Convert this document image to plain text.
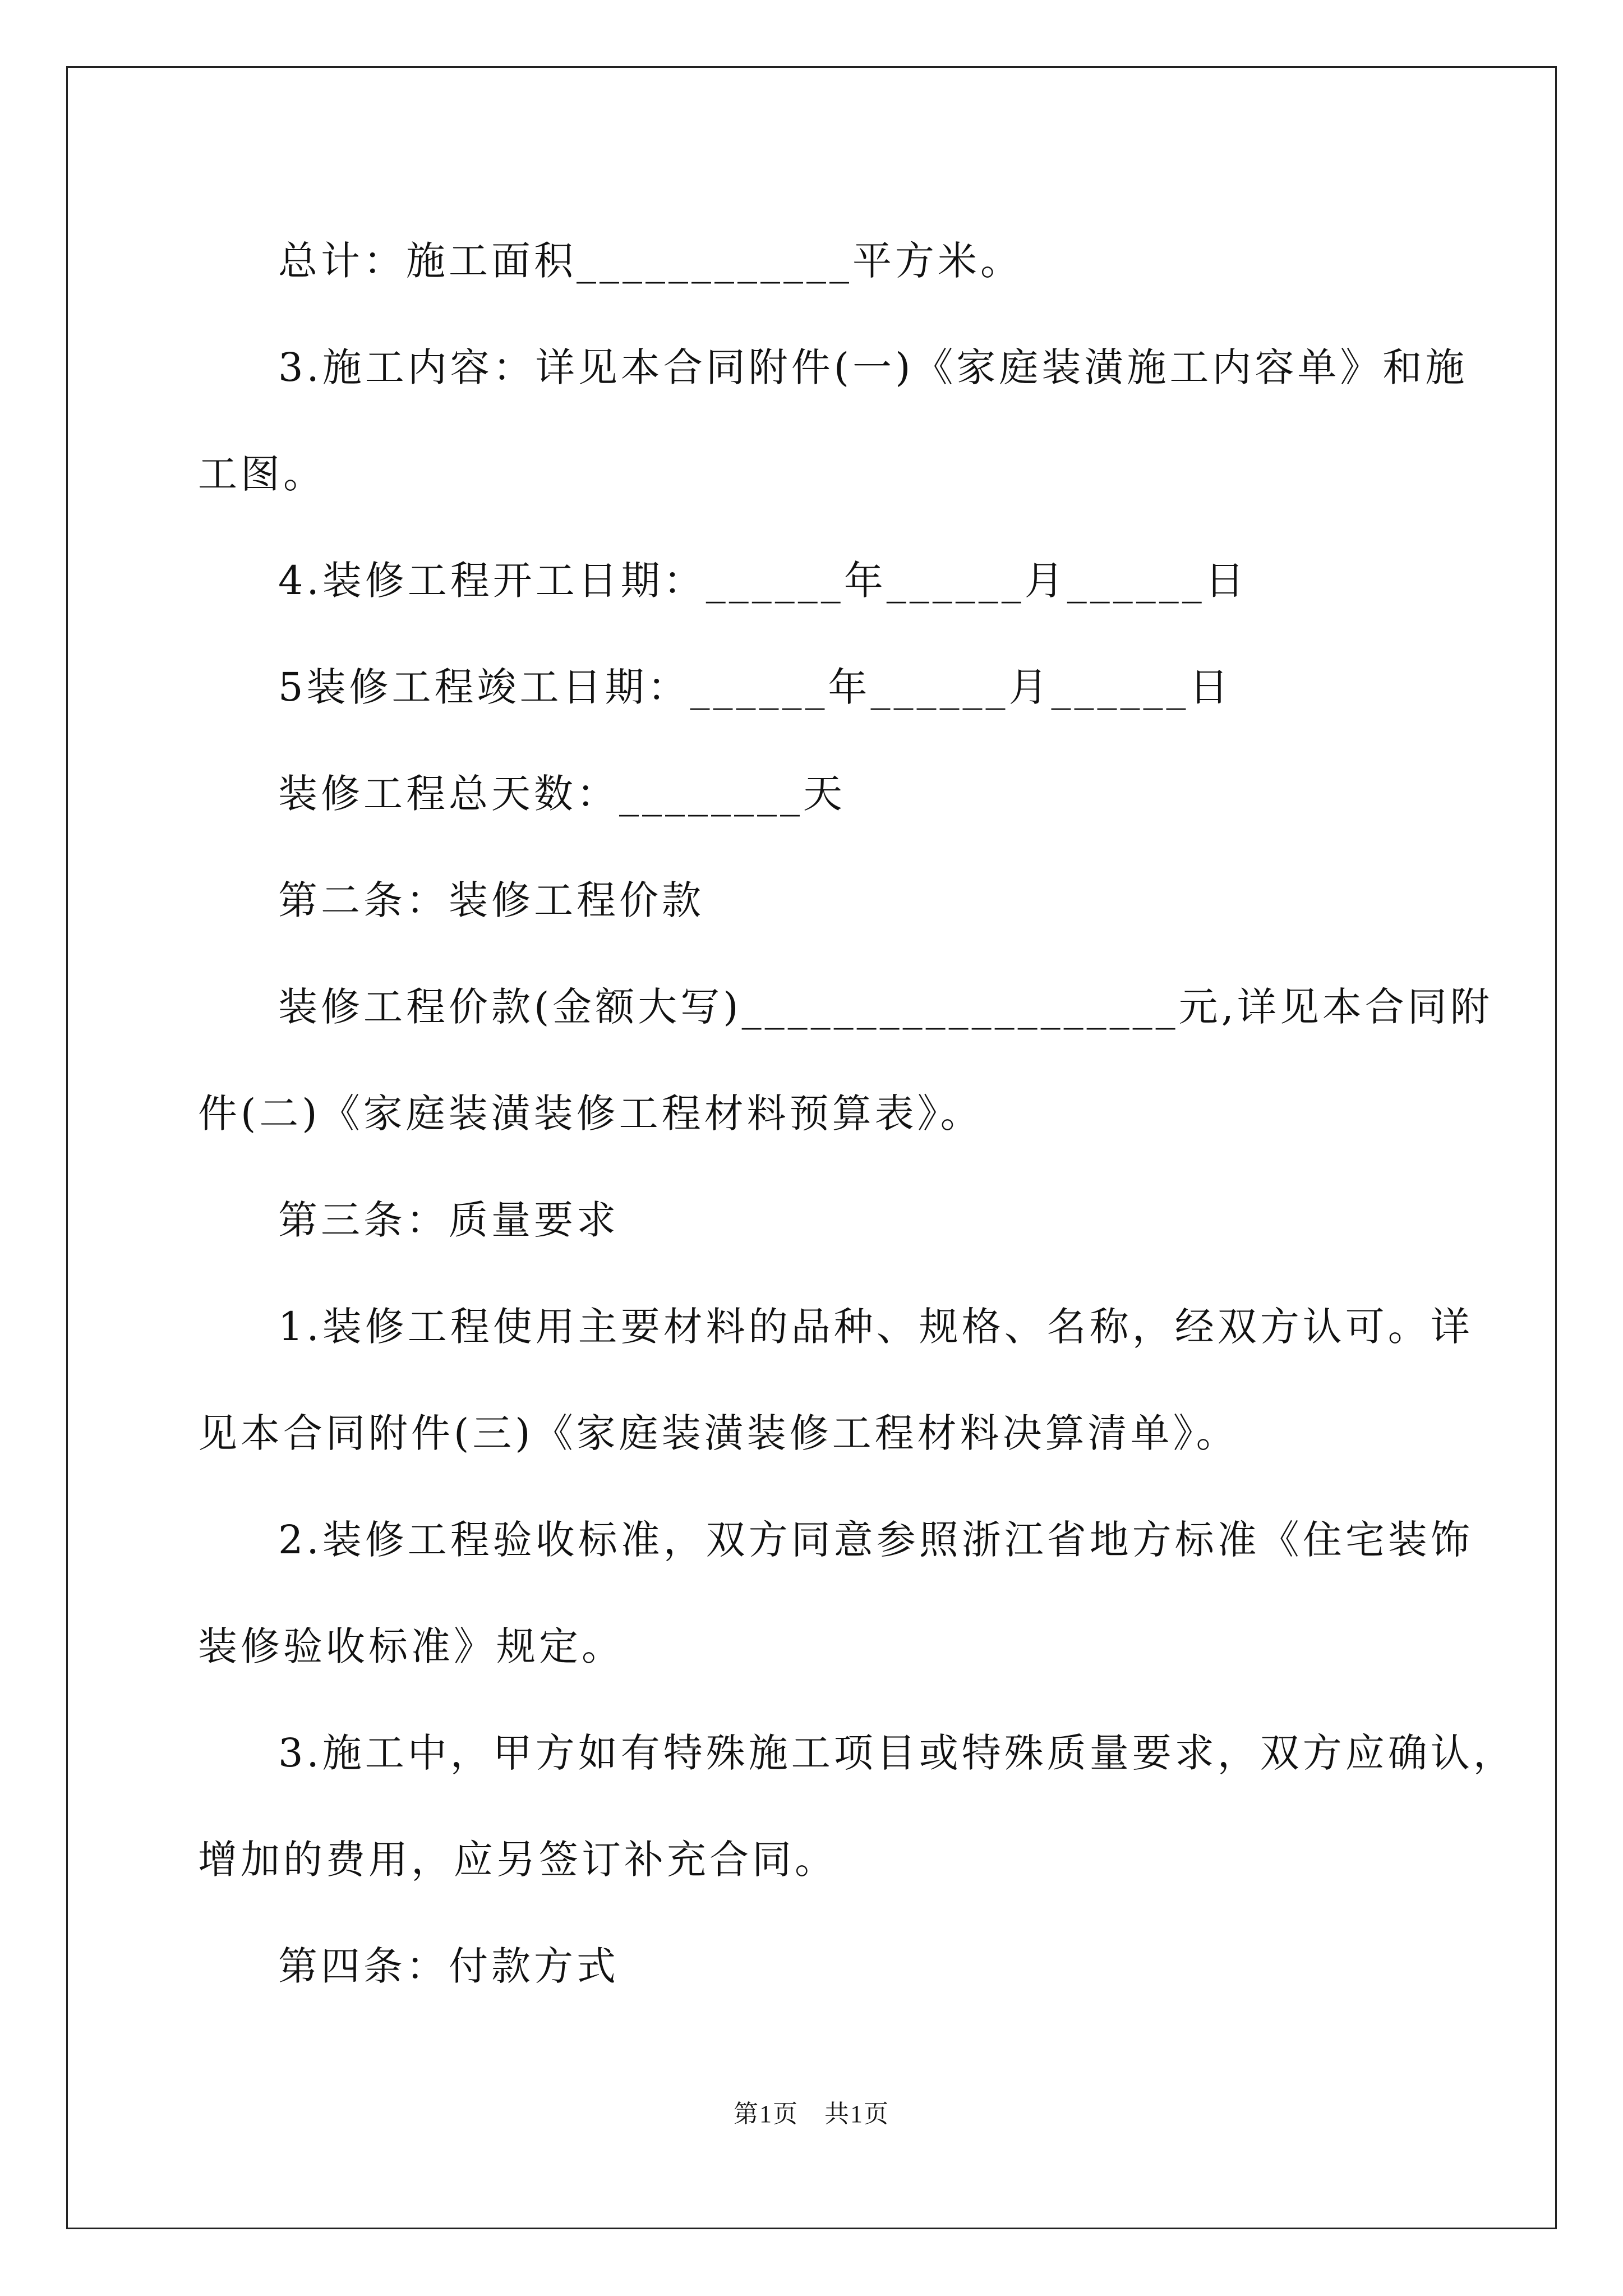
总计：施工面积____________平方米。

3.施工内容：详见本合同附件(一)《家庭装潢施工内容单》和施

工图。

4.装修工程开工日期：______年______月______日

5装修工程竣工日期：______年______月______日

装修工程总天数：________天

第二条：装修工程价款

装修工程价款(金额大写)___________________元,详见本合同附

件(二)《家庭装潢装修工程材料预算表》。

第三条：质量要求

1.装修工程使用主要材料的品种、规格、名称，经双方认可。详

见本合同附件(三)《家庭装潢装修工程材料决算清单》。

2.装修工程验收标准，双方同意参照浙江省地方标准《住宅装饰

装修验收标准》规定。

3.施工中，甲方如有特殊施工项目或特殊质量要求，双方应确认，

增加的费用，应另签订补充合同。

第四条：付款方式

第1页　共1页
